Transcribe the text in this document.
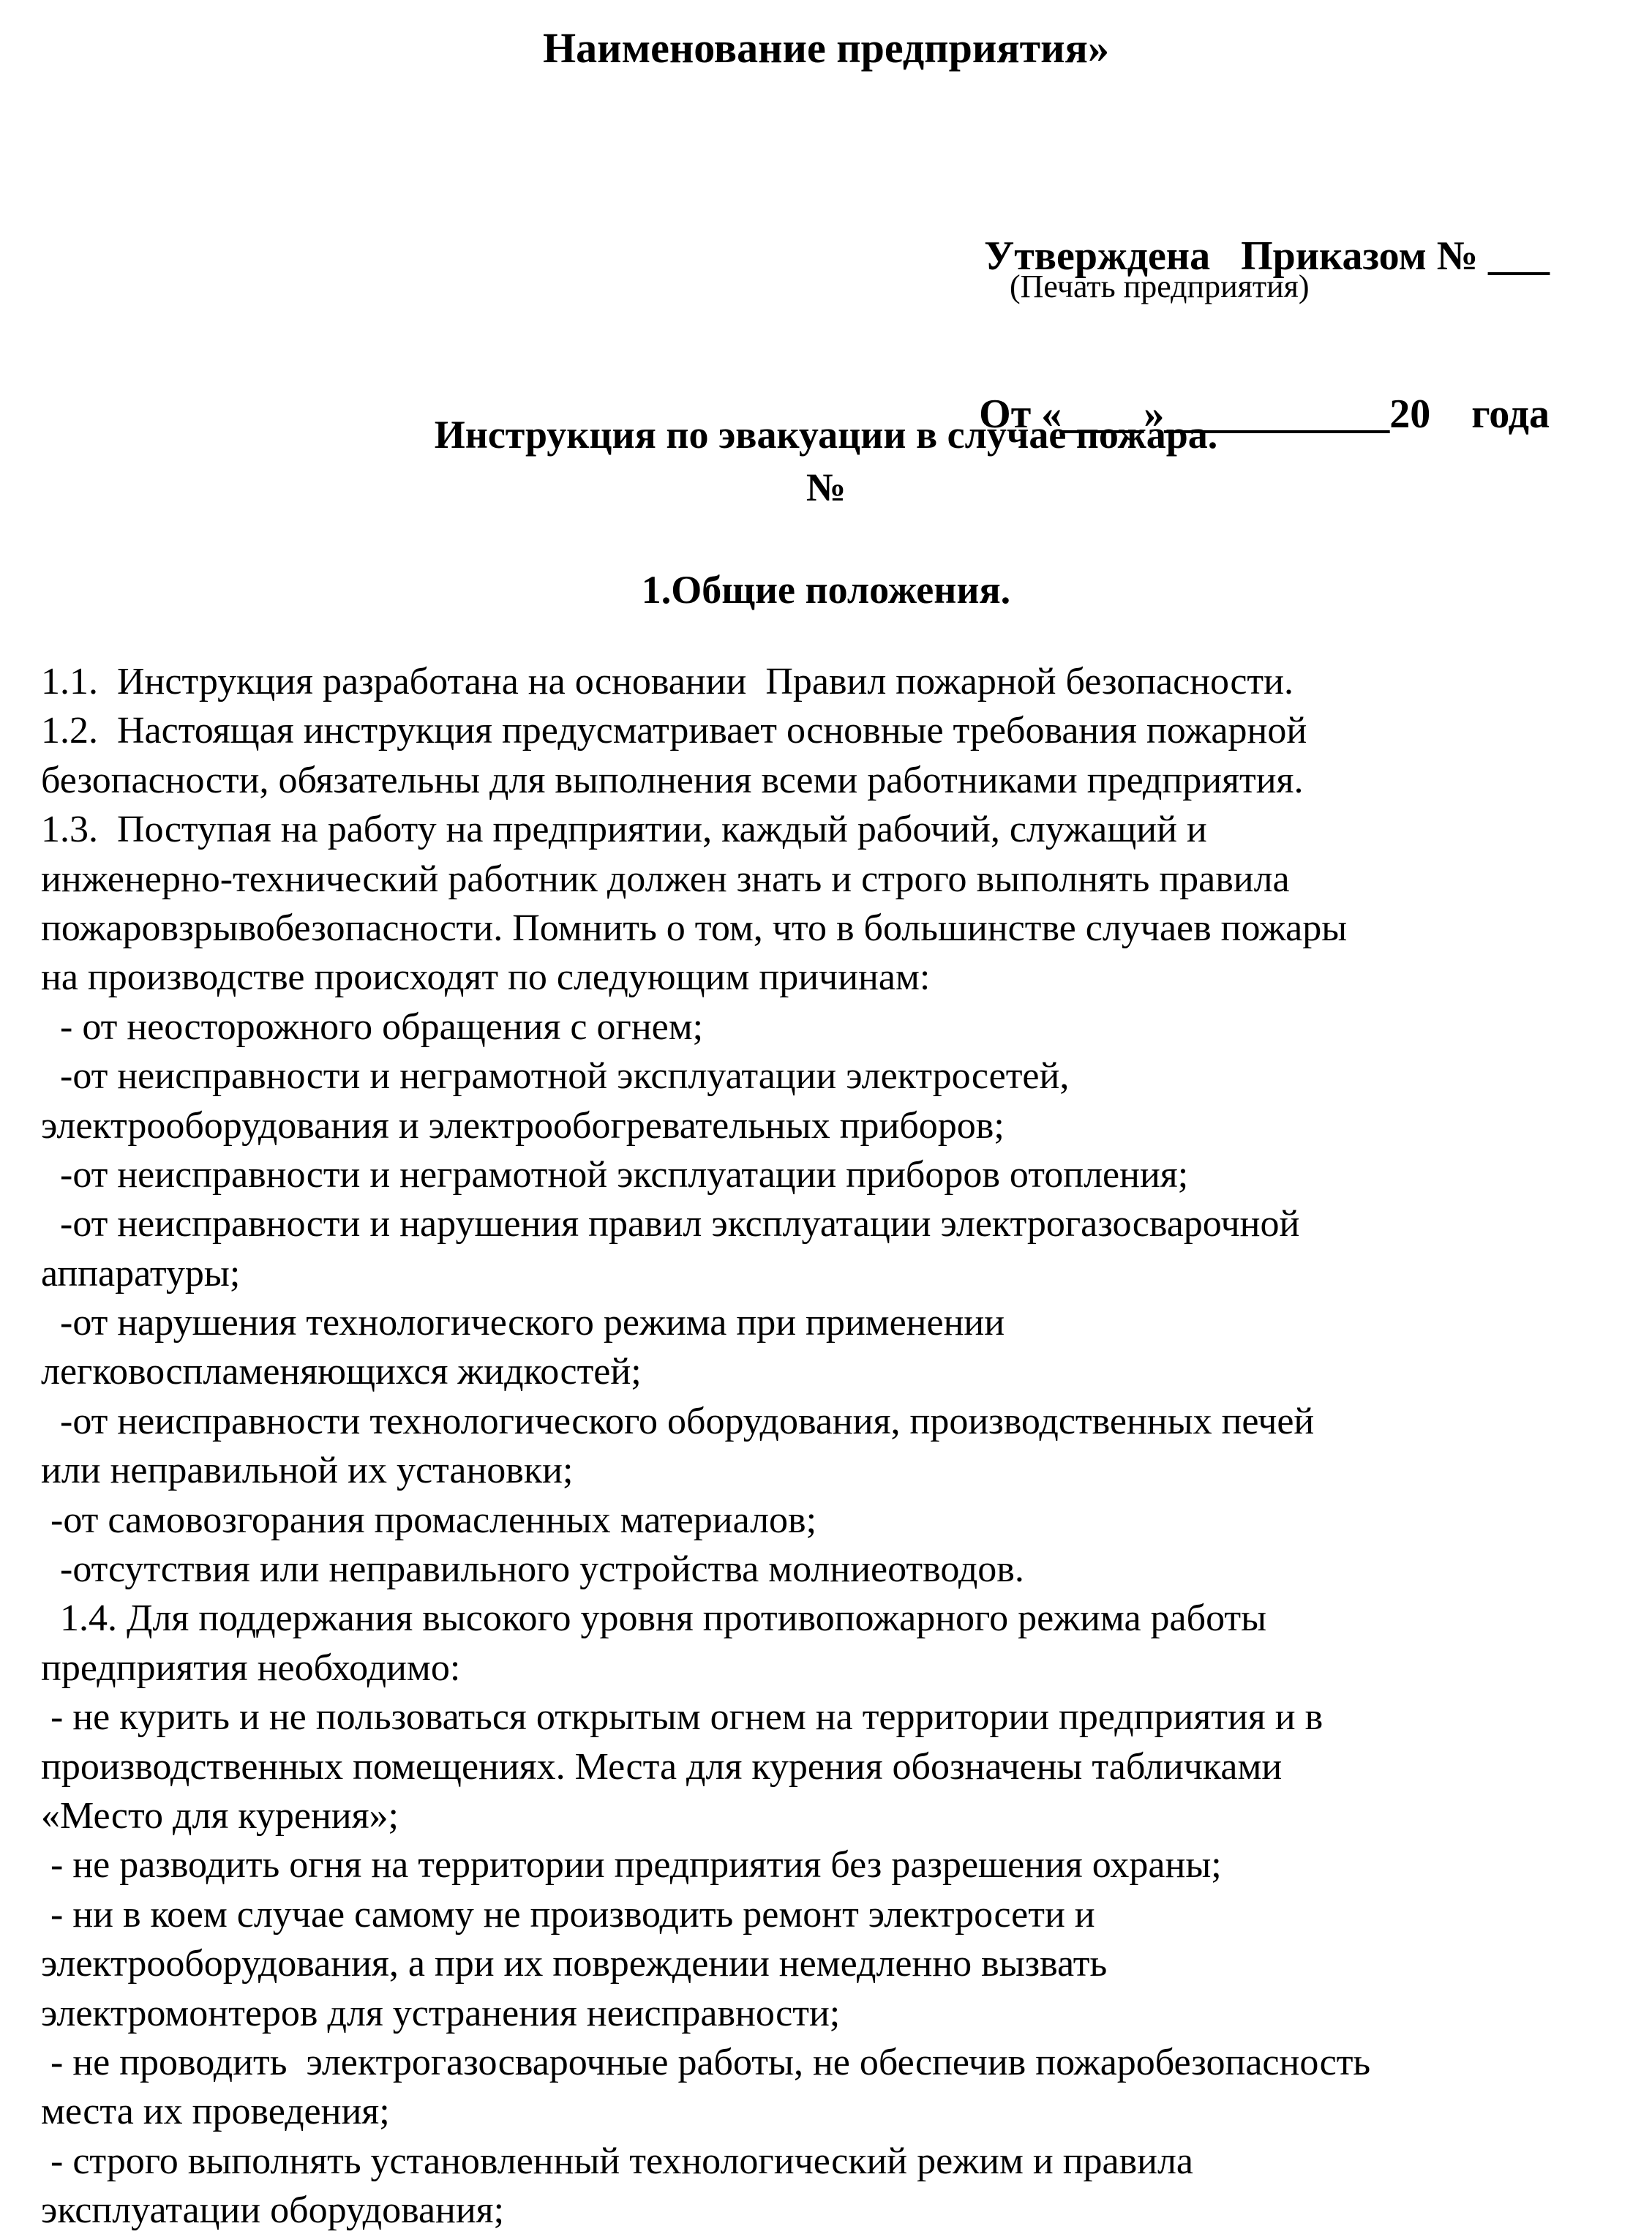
Наименование предприятия»

Утверждена   Приказом № ___

От «____»___________20    года

(Печать предприятия)
Инструкция по эвакуации в случае пожара.
№
1.Общие положения.
1.1.  Инструкция разработана на основании  Правил пожарной безопасности.
1.2.  Настоящая инструкция предусматривает основные требования пожарной
безопасности, обязательны для выполнения всеми работниками предприятия.
1.3.  Поступая на работу на предприятии, каждый рабочий, служащий и
инженерно-технический работник должен знать и строго выполнять правила
пожаровзрывобезопасности. Помнить о том, что в большинстве случаев пожары
на производстве происходят по следующим причинам:
- от неосторожного обращения с огнем;
-от неисправности и неграмотной эксплуатации электросетей,
электрооборудования и электрообогревательных приборов;
-от неисправности и неграмотной эксплуатации приборов отопления;
-от неисправности и нарушения правил эксплуатации электрогазосварочной
аппаратуры;
-от нарушения технологического режима при применении
легковоспламеняющихся жидкостей;
-от неисправности технологического оборудования, производственных печей
или неправильной их установки;
-от самовозгорания промасленных материалов;
-отсутствия или неправильного устройства молниеотводов.
1.4. Для поддержания высокого уровня противопожарного режима работы
предприятия необходимо:
- не курить и не пользоваться открытым огнем на территории предприятия и в
производственных помещениях. Места для курения обозначены табличками
«Место для курения»;
- не разводить огня на территории предприятия без разрешения охраны;
- ни в коем случае самому не производить ремонт электросети и
электрооборудования, а при их повреждении немедленно вызвать
электромонтеров для устранения неисправности;
- не проводить  электрогазосварочные работы, не обеспечив пожаробезопасность
места их проведения;
- строго выполнять установленный технологический режим и правила
эксплуатации оборудования;
